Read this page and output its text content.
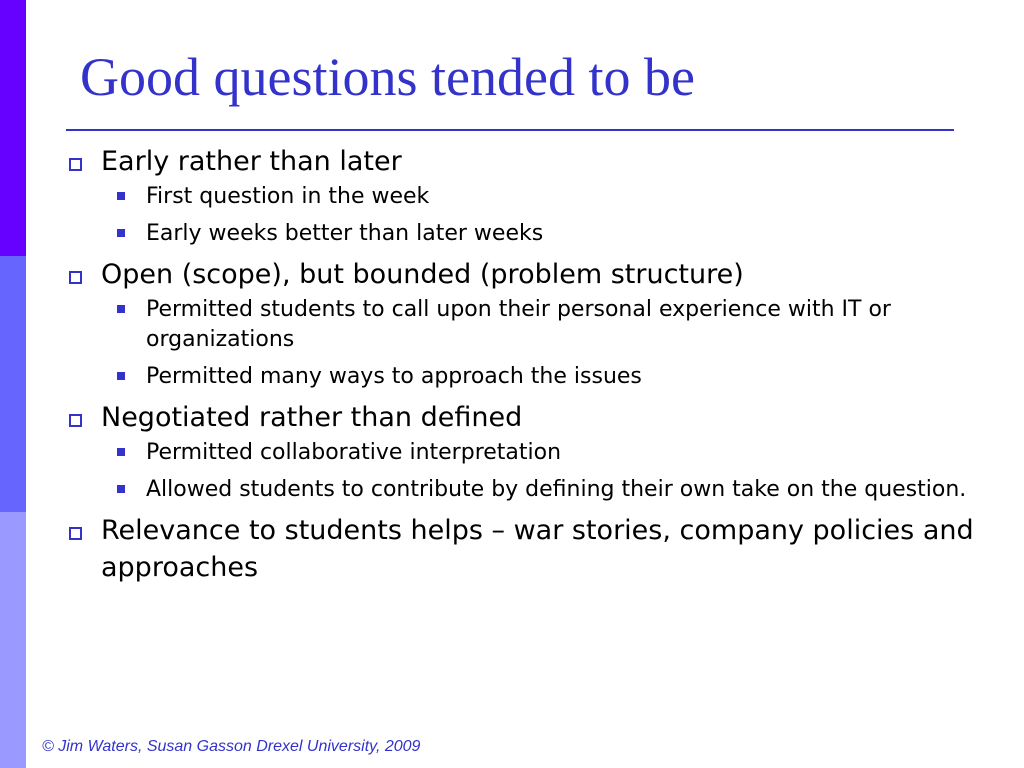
Good questions tended to be
Early rather than later
First question in the week
Early weeks better than later weeks
Open (scope), but bounded (problem structure)
Permitted students to call upon their personal experience with IT or organizations
Permitted many ways to approach the issues
Negotiated rather than defined
Permitted collaborative interpretation
Allowed students to contribute by defining their own take on the question.
Relevance to students helps – war stories, company policies and approaches
© Jim Waters, Susan Gasson Drexel University, 2009
